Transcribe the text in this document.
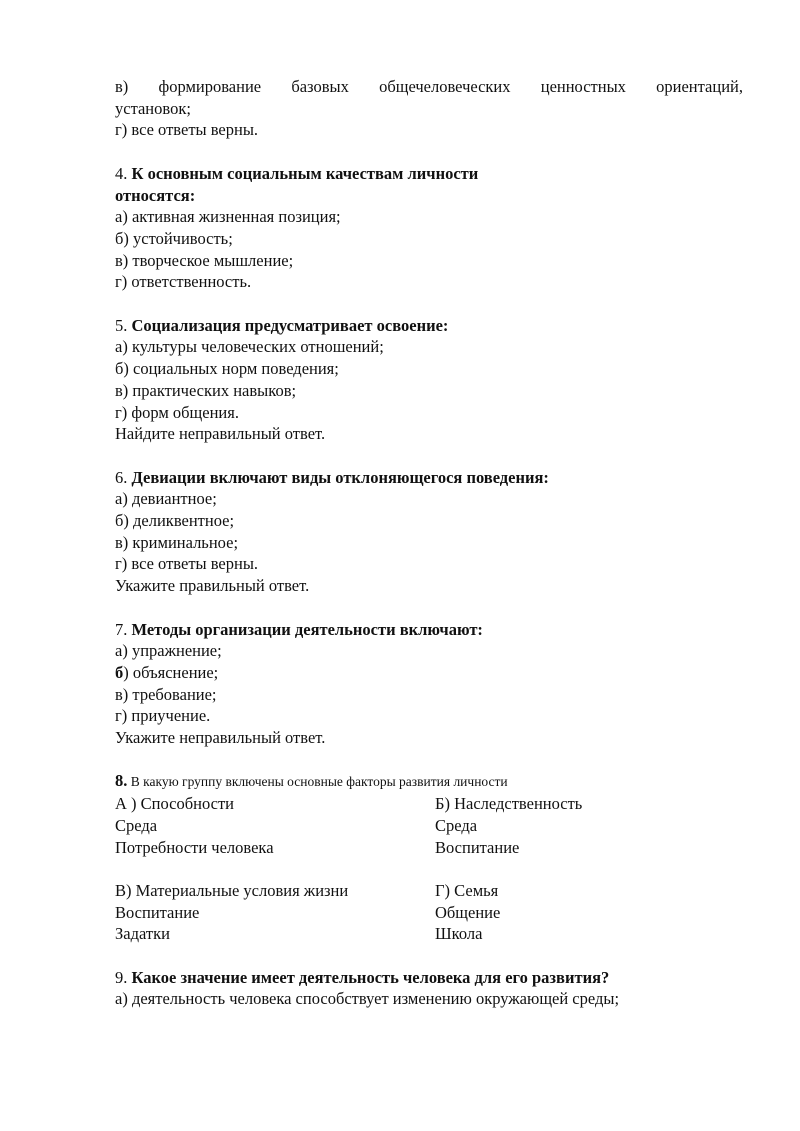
в) формирование базовых общечеловеческих ценностных ориентаций,
установок;
г) все ответы верны.
4. К основным социальным качествам личности
относятся:
а) активная жизненная позиция;
б) устойчивость;
в) творческое мышление;
г) ответственность.
5. Социализация предусматривает освоение:
а) культуры человеческих отношений;
б) социальных норм поведения;
в) практических навыков;
г) форм общения.
Найдите неправильный ответ.
6. Девиации включают виды отклоняющегося поведения:
а) девиантное;
б) деликвентное;
в) криминальное;
г) все ответы верны.
Укажите правильный ответ.
7. Методы организации деятельности включают:
а) упражнение;
б) объяснение;
в) требование;
г) приучение.
Укажите неправильный ответ.
8. В какую группу включены основные факторы развития личности
А ) Способности
Среда
Потребности человека
Б) Наследственность
Среда
Воспитание
В) Материальные условия жизни
Воспитание
Задатки
Г) Семья
Общение
Школа
9. Какое значение имеет деятельность человека для его развития?
а) деятельность человека способствует изменению окружающей среды;
